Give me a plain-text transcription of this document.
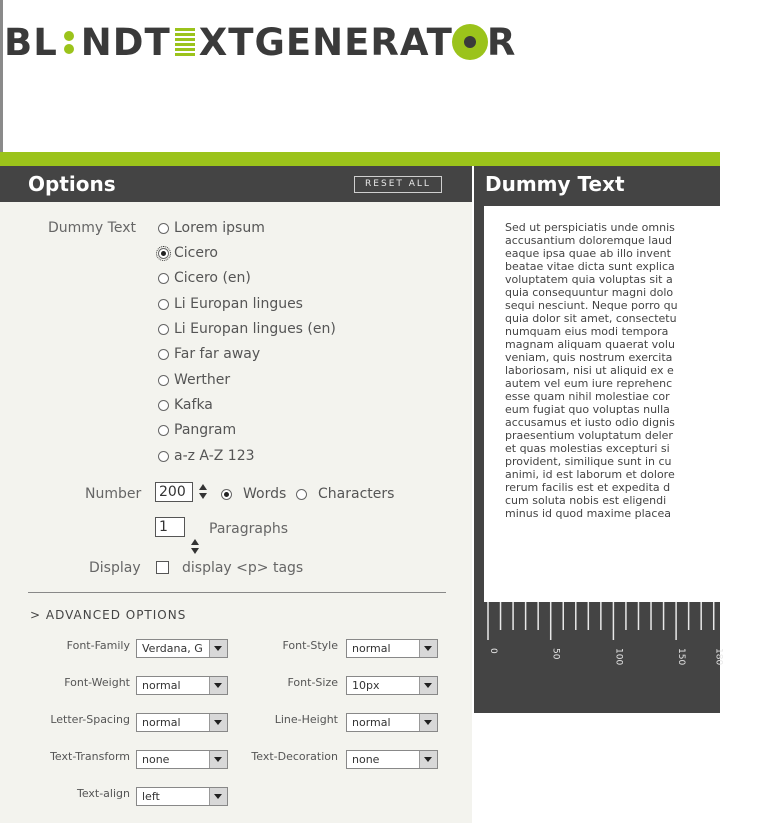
BL NDT XTGENERAT R
Options	RESET ALL	Dummy Text
Dummy Text	Lorem ipsum
Cicero
Cicero (en)
Li Europan lingues
Li Europan lingues (en)
Far far away
Werther
Kafka
Pangram
a-z A-Z 123
Number 200	Words Characters
1	Paragraphs
Display	display <p> tags
> ADVANCED OPTIONS
Font-Family	Verdana, G	Font-Style	normal
Font-Weight	normal	Font-Size	10px
Letter-Spacing	normal	Line-Height	normal
Text-Transform	none	Text-Decoration	none
Text-align	left
Sed ut perspiciatis unde omnis
accusantium doloremque laud
eaque ipsa quae ab illo invent
beatae vitae dicta sunt explica
voluptatem quia voluptas sit a
quia consequuntur magni dolo
sequi nesciunt. Neque porro qu
quia dolor sit amet, consectetu
numquam eius modi tempora
magnam aliquam quaerat volu
veniam, quis nostrum exercita
laboriosam, nisi ut aliquid ex e
autem vel eum iure reprehenc
esse quam nihil molestiae cor
eum fugiat quo voluptas nulla
accusamus et iusto odio dignis
praesentium voluptatum deler
et quas molestias excepturi si
provident, similique sunt in cu
animi, id est laborum et dolore
rerum facilis est et expedita d
cum soluta nobis est eligendi
minus id quod maxime placea
0	50	100	150	180
